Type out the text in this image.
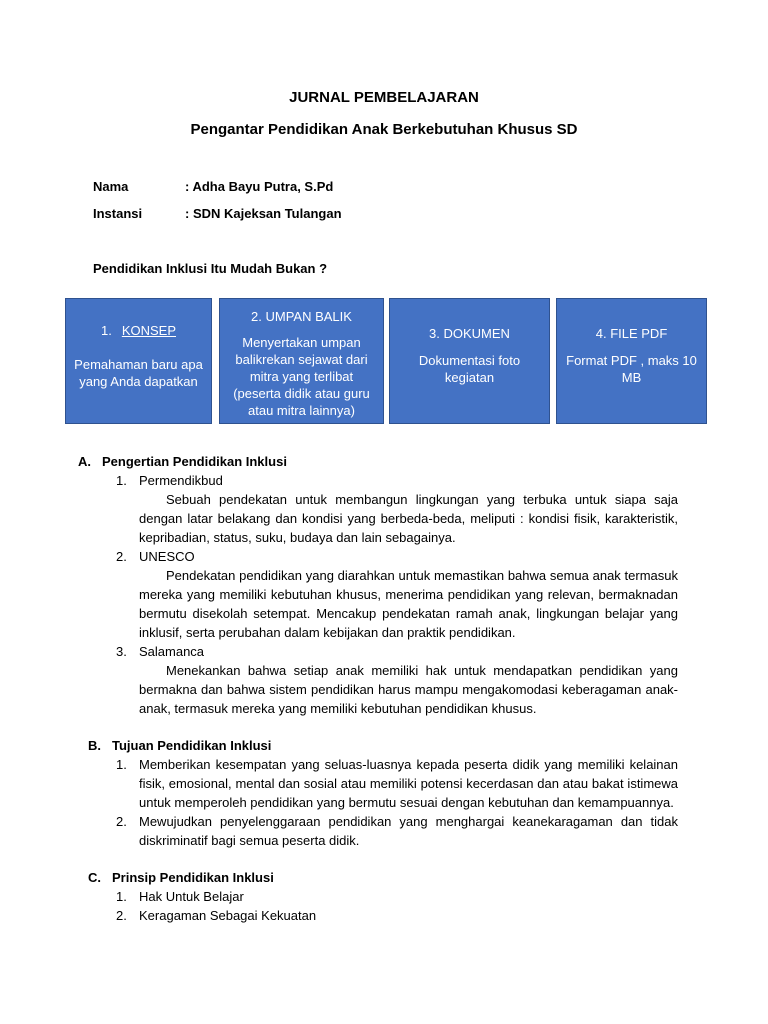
JURNAL PEMBELAJARAN
Pengantar Pendidikan Anak Berkebutuhan Khusus SD
Nama	: Adha Bayu Putra, S.Pd
Instansi	: SDN Kajeksan Tulangan
Pendidikan Inklusi Itu Mudah Bukan ?
1. KONSEP
Pemahaman baru apa yang Anda dapatkan
2. UMPAN BALIK
Menyertakan umpan balikrekan sejawat dari mitra yang terlibat (peserta didik atau guru atau mitra lainnya)
3. DOKUMEN
Dokumentasi foto kegiatan
4. FILE PDF
Format PDF , maks 10 MB
A. Pengertian Pendidikan Inklusi
1. Permendikbud
Sebuah pendekatan untuk membangun lingkungan yang terbuka untuk siapa saja dengan latar belakang dan kondisi yang berbeda-beda, meliputi : kondisi fisik, karakteristik, kepribadian, status, suku, budaya dan lain sebagainya.
2. UNESCO
Pendekatan pendidikan yang diarahkan untuk memastikan bahwa semua anak termasuk mereka yang memiliki kebutuhan khusus, menerima pendidikan yang relevan, bermaknadan bermutu disekolah setempat. Mencakup pendekatan ramah anak, lingkungan belajar yang inklusif, serta perubahan dalam kebijakan dan praktik pendidikan.
3. Salamanca
Menekankan bahwa setiap anak memiliki hak untuk mendapatkan pendidikan yang bermakna dan bahwa sistem pendidikan harus mampu mengakomodasi keberagaman anak-anak, termasuk mereka yang memiliki kebutuhan pendidikan khusus.
B. Tujuan Pendidikan Inklusi
1. Memberikan kesempatan yang seluas-luasnya kepada peserta didik yang memiliki kelainan fisik, emosional, mental dan sosial atau memiliki potensi kecerdasan dan atau bakat istimewa untuk memperoleh pendidikan yang bermutu sesuai dengan kebutuhan dan kemampuannya.
2. Mewujudkan penyelenggaraan pendidikan yang menghargai keanekaragaman dan tidak diskriminatif bagi semua peserta didik.
C. Prinsip Pendidikan Inklusi
1. Hak Untuk Belajar
2. Keragaman Sebagai Kekuatan
